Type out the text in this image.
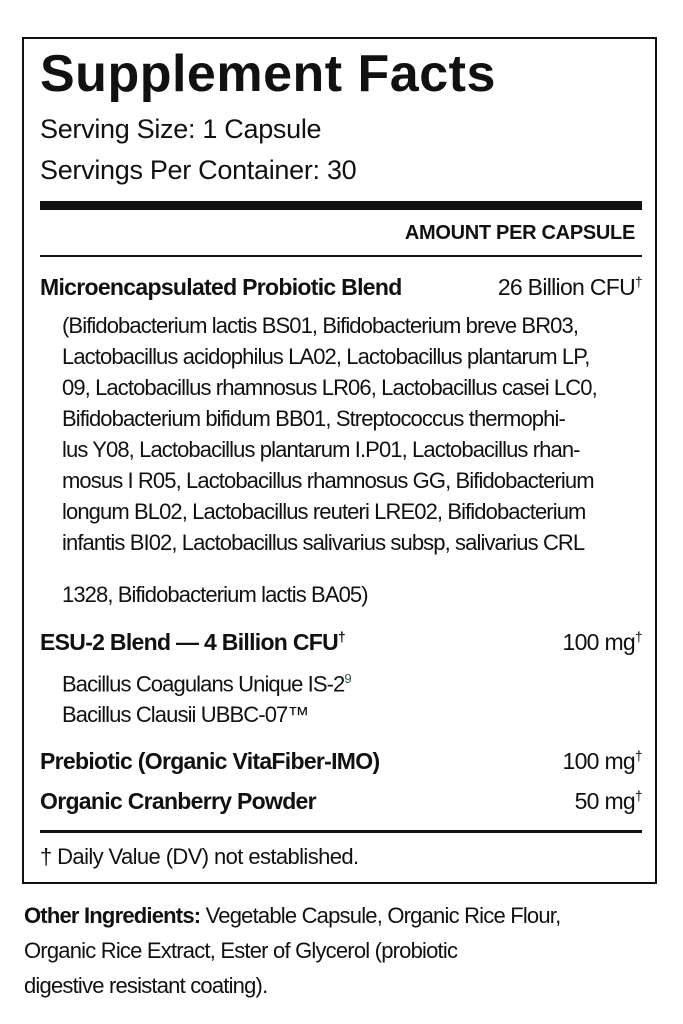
Supplement Facts
Serving Size: 1 Capsule
Servings Per Container: 30
AMOUNT PER CAPSULE
Microencapsulated Probiotic Blend	26 Billion CFU†
(Bifidobacterium lactis BS01, Bifidobacterium breve BR03,
Lactobacillus acidophilus LA02, Lactobacillus plantarum LP,
09, Lactobacillus rhamnosus LR06, Lactobacillus casei LC0,
Bifidobacterium bifidum BB01, Streptococcus thermophi-
lus Y08, Lactobacillus plantarum I.P01, Lactobacillus rhan-
mosus I R05, Lactobacillus rhamnosus GG, Bifidobacterium
longum BL02, Lactobacillus reuteri LRE02, Bifidobacterium
infantis BI02, Lactobacillus salivarius subsp, salivarius CRL
1328, Bifidobacterium lactis BA05)
ESU-2 Blend — 4 Billion CFU†	100 mg†
Bacillus Coagulans Unique $IS-2^9$
Bacillus Clausii UBBC-07™
Prebiotic (Organic VitaFiber-IMO)	100 mg†
Organic Cranberry Powder	50 mg†
† Daily Value (DV) not established.
Other Ingredients: Vegetable Capsule, Organic Rice Flour,
Organic Rice Extract, Ester of Glycerol (probiotic
digestive resistant coating).
